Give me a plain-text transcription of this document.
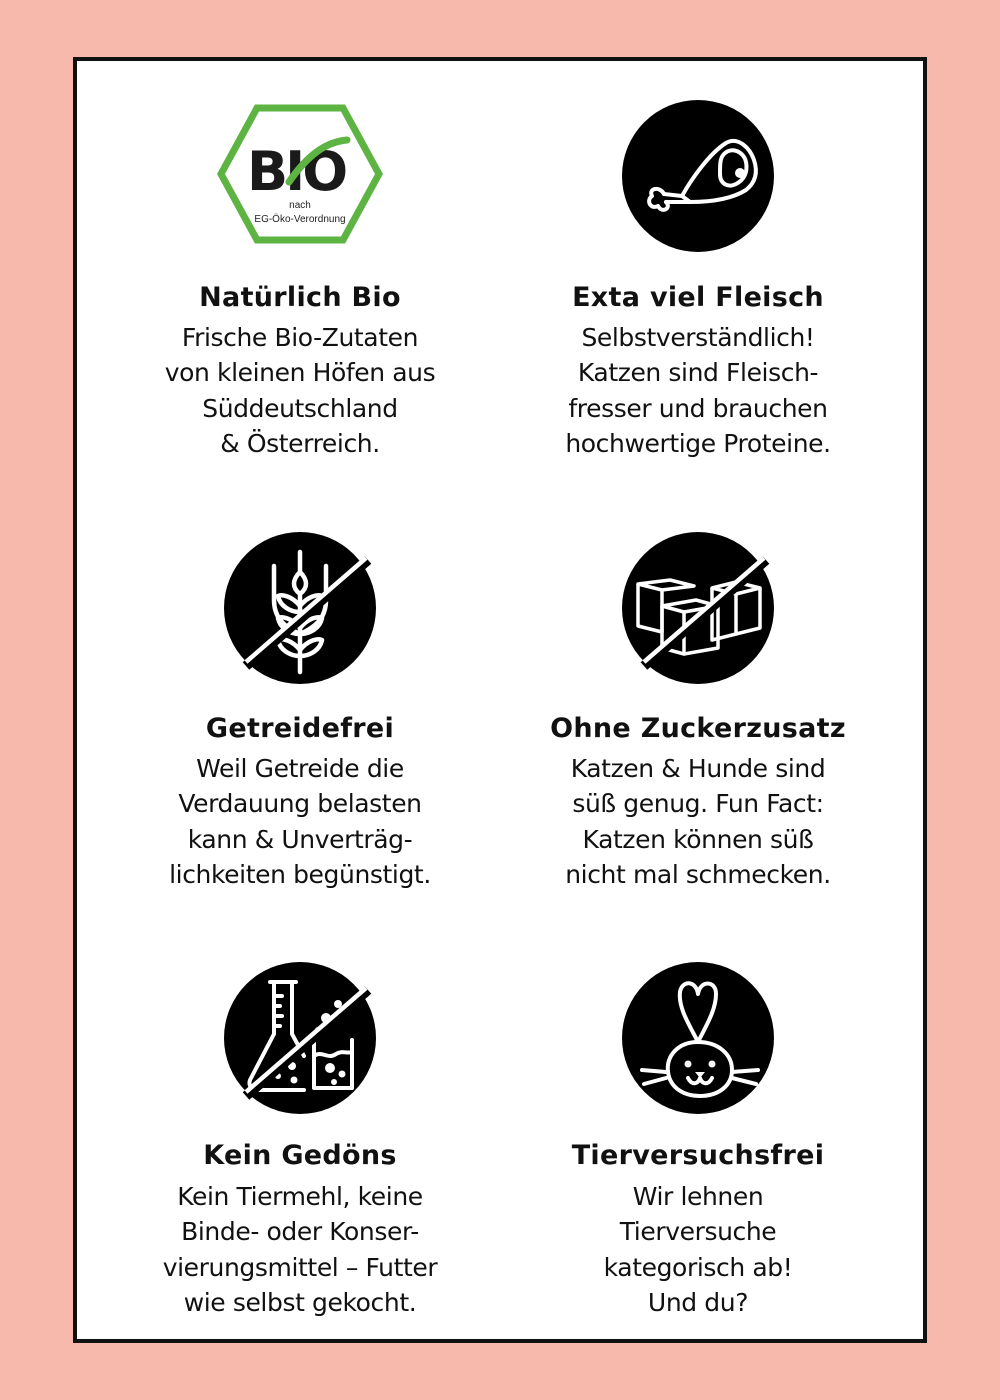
BIO
nach
EG-Öko-Verordnung
Natürlich Bio
Frische Bio-Zutaten
von kleinen Höfen aus
Süddeutschland
& Österreich.
Exta viel Fleisch
Selbstverständlich!
Katzen sind Fleisch-
fresser und brauchen
hochwertige Proteine.
Getreidefrei
Weil Getreide die
Verdauung belasten
kann & Unverträg-
lichkeiten begünstigt.
Ohne Zuckerzusatz
Katzen & Hunde sind
süß genug. Fun Fact:
Katzen können süß
nicht mal schmecken.
Kein Gedöns
Kein Tiermehl, keine
Binde- oder Konser-
vierungsmittel – Futter
wie selbst gekocht.
Tierversuchsfrei
Wir lehnen
Tierversuche
kategorisch ab!
Und du?
